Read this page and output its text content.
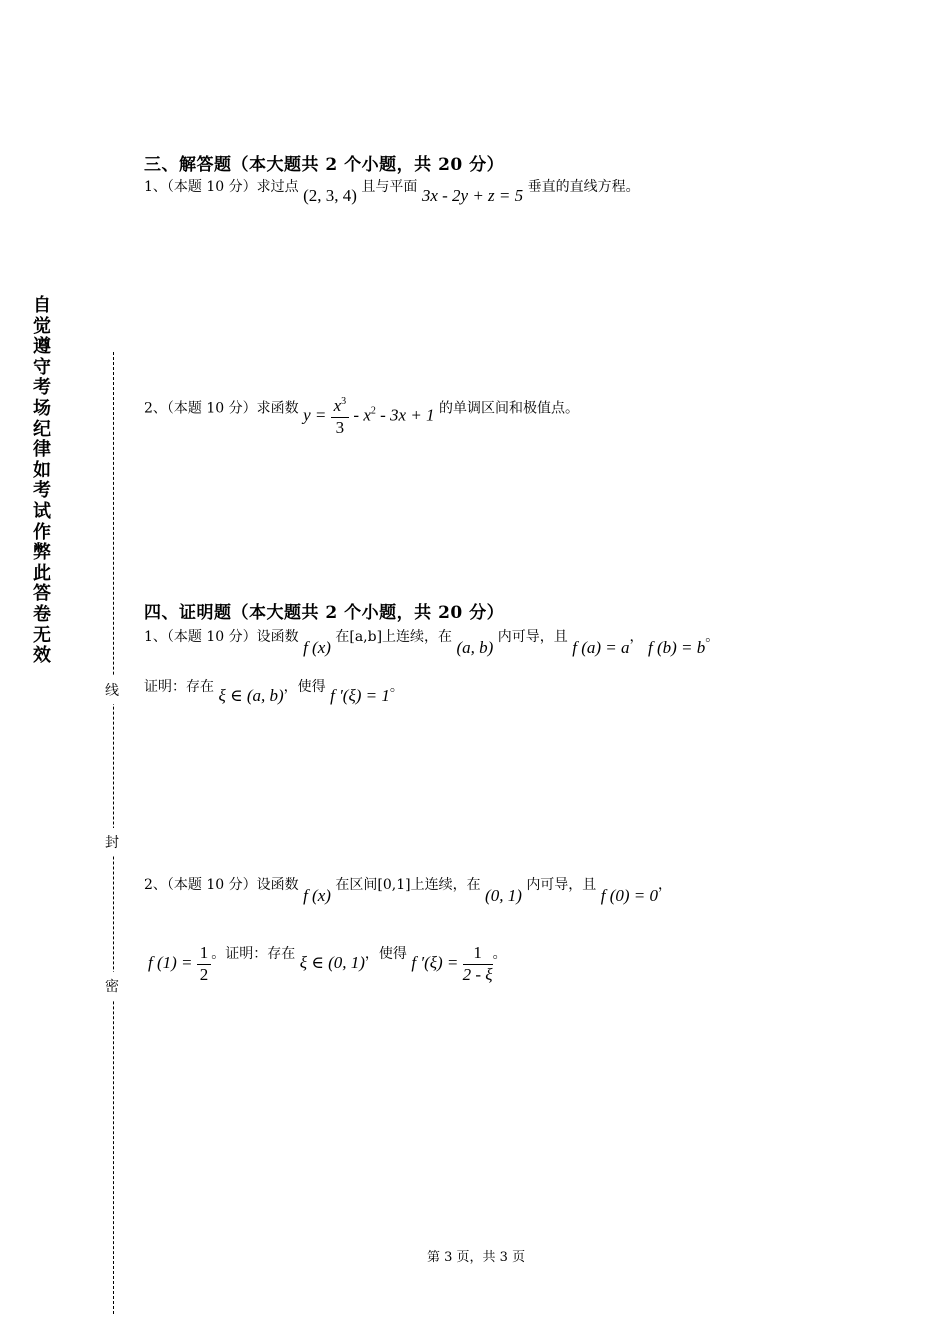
自觉遵守考场纪律如考试作弊此答卷无效
线
封
密
三、解答题（本大题共 2 个小题，共 20 分）
1、（本题 10 分）求过点 (2, 3, 4) 且与平面 3x - 2y + z = 5 垂直的直线方程。
2、（本题 10 分）求函数 $y = \frac{x^3}{3} - x^2 - 3x + 1$ 的单调区间和极值点。
四、证明题（本大题共 2 个小题，共 20 分）
1、（本题 10 分）设函数 f (x) 在[a,b]上连续，在 (a, b) 内可导，且 f (a) = a， f (b) = b。
证明：存在 ξ ∈ (a, b)，使得 f ′(ξ) = 1。
2、（本题 10 分）设函数 f (x) 在区间[0,1]上连续，在 (0, 1) 内可导，且 f (0) = 0，
f $(1) = \frac{1}{2}$ 。证明：存在 ξ ∈ (0, 1)，使得 f $'(\xi) = \frac{1}{2 - \xi}$ 。
第 3 页，共 3 页
